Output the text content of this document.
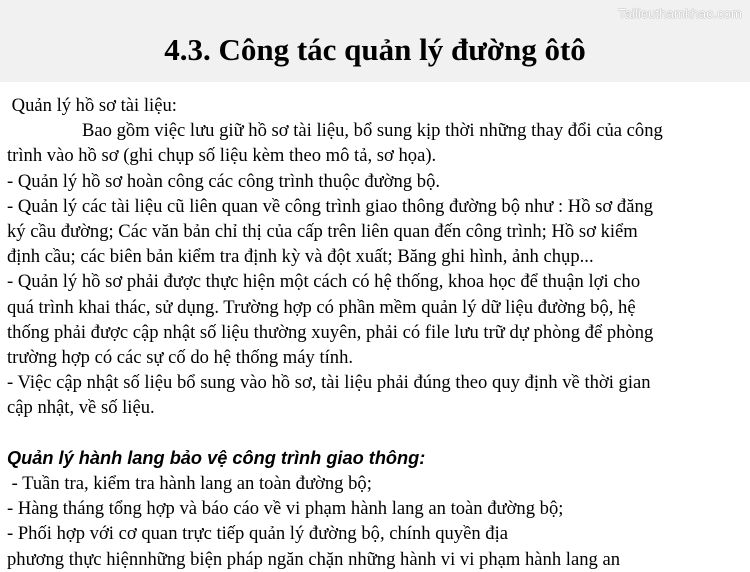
Tailieuthamkhao.com
4.3. Công tác quản lý đường ôtô

Quản lý hồ sơ tài liệu:

Bao gồm việc lưu giữ hồ sơ tài liệu, bổ sung kịp thời những thay đổi của công

trình vào hồ sơ (ghi chụp số liệu kèm theo mô tả, sơ họa).

- Quản lý hồ sơ hoàn công các công trình thuộc đường bộ.

- Quản lý các tài liệu cũ liên quan về công trình giao thông đường bộ như : Hồ sơ đăng

ký cầu đường; Các văn bản chỉ thị của cấp trên liên quan đến công trình; Hồ sơ kiểm

định cầu; các biên bản kiểm tra định kỳ và đột xuất; Băng ghi hình, ảnh chụp...

- Quản lý hồ sơ phải được thực hiện một cách có hệ thống, khoa học để thuận lợi cho

quá trình khai thác, sử dụng. Trường hợp có phần mềm quản lý dữ liệu đường bộ, hệ

thống phải được cập nhật số liệu thường xuyên, phải có file lưu trữ dự phòng để phòng

trường hợp có các sự cố do hệ thống máy tính.

- Việc cập nhật số liệu bổ sung vào hồ sơ, tài liệu phải đúng theo quy định về thời gian

cập nhật, về số liệu.

Quản lý hành lang bảo vệ công trình giao thông:

- Tuần tra, kiểm tra hành lang an toàn đường bộ;

- Hàng tháng tổng hợp và báo cáo về vi phạm hành lang an toàn đường bộ;

- Phối hợp với cơ quan trực tiếp quản lý đường bộ, chính quyền địa

phương thực hiệnnhững biện pháp ngăn chặn những hành vi vi phạm hành lang an
